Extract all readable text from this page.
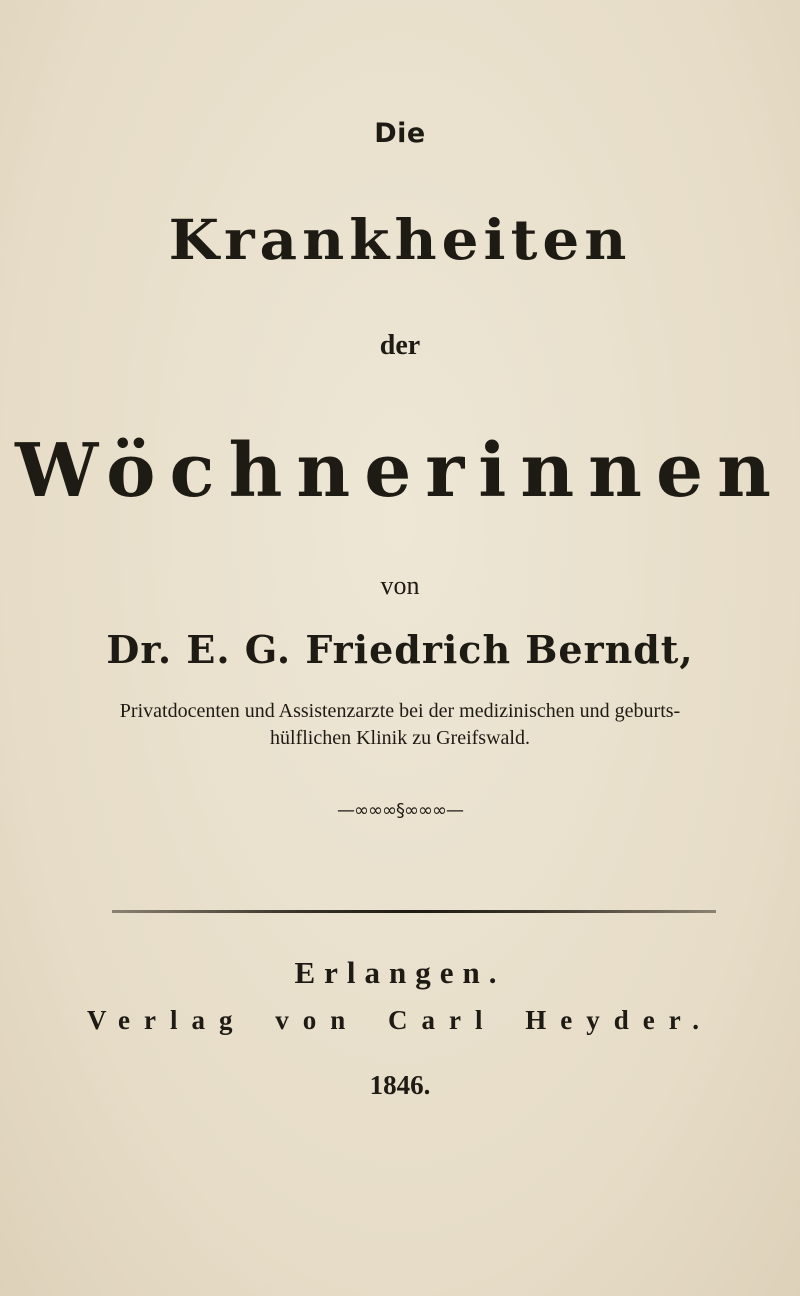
Die
Krankheiten
der
Wöchnerinnen
von
Dr. E. G. Friedrich Berndt,
Privatdocenten und Assistenzarzte bei der medizinischen und geburts-
hülflichen Klinik zu Greifswald.
—∞∞∞§∞∞∞—
Erlangen.
Verlag von Carl Heyder.
1846.
